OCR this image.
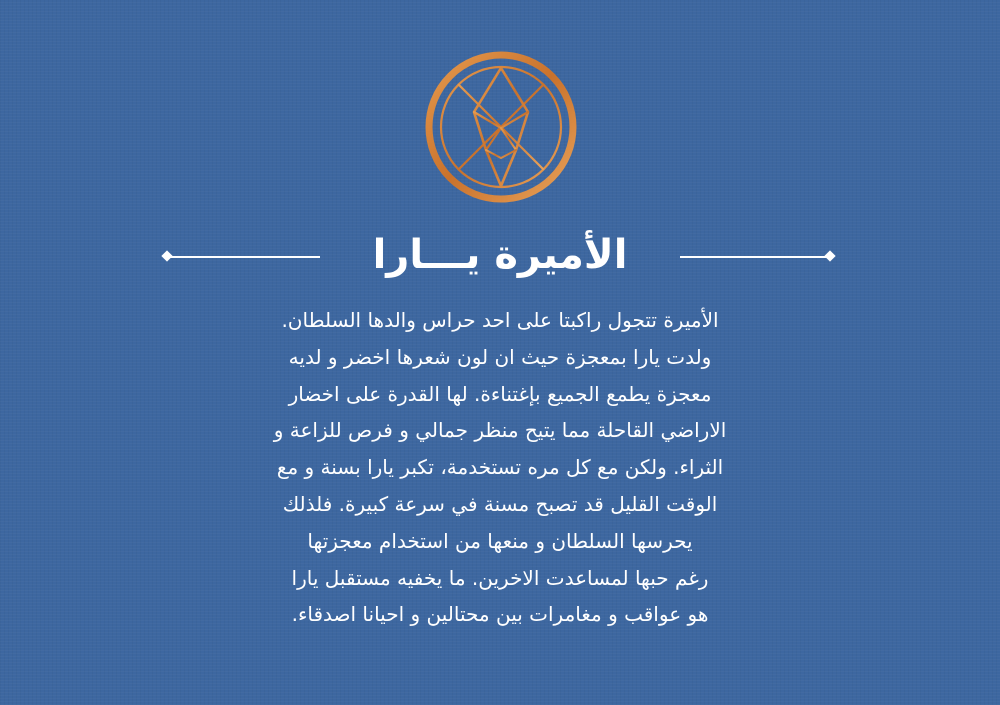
الأميرة يـــارا

الأميرة تتجول راكبتا على احد حراس والدها السلطان.
ولدت يارا بمعجزة حيث ان لون شعرها اخضر و لديه
معجزة يطمع الجميع بإغتناءة. لها القدرة على اخضار
الاراضي القاحلة مما يتيح منظر جمالي و فرص للزاعة و
الثراء. ولكن مع كل مره تستخدمة، تكبر يارا بسنة و مع
الوقت القليل قد تصبح مسنة في سرعة كبيرة. فلذلك
يحرسها السلطان و منعها من استخدام معجزتها
رغم حبها لمساعدت الاخرين. ما يخفيه مستقبل يارا
هو عواقب و مغامرات بين محتالين و احيانا اصدقاء.
